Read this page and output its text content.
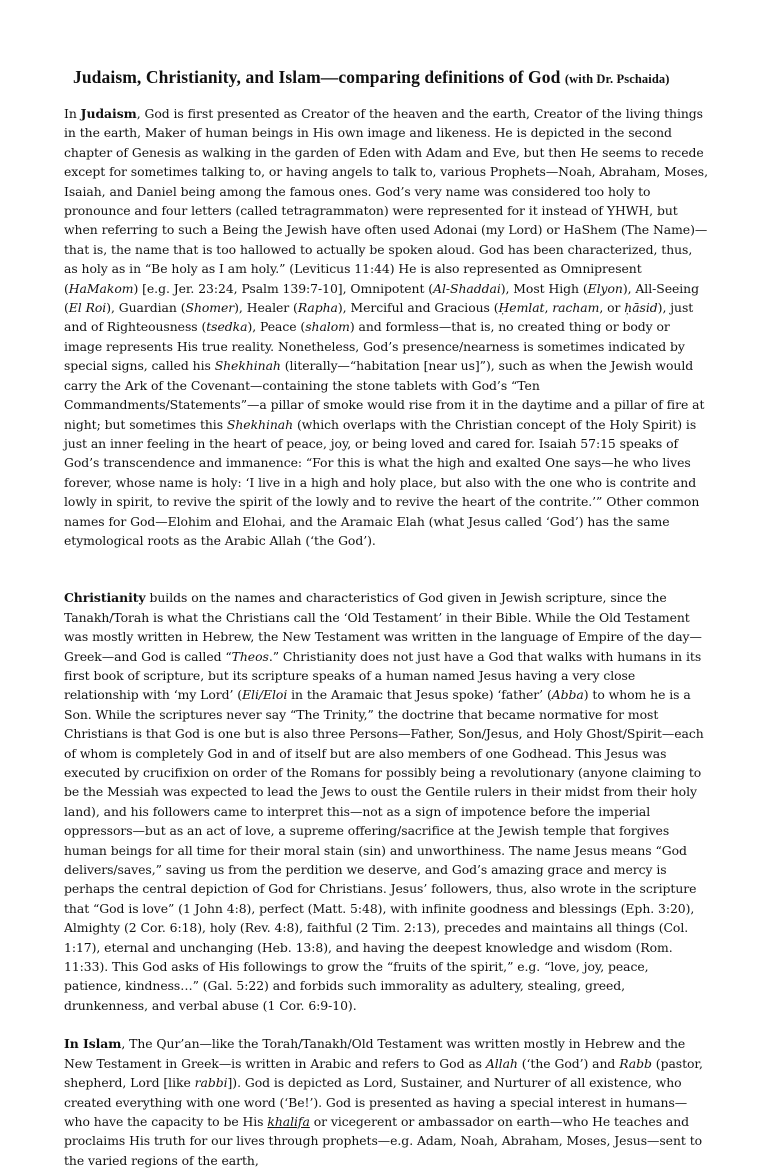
Judaism, Christianity, and Islam—comparing definitions of God (with Dr. Pschaida)

In Judaism, God is first presented as Creator of the heaven and the earth, Creator of the living things in the earth, Maker of human beings in His own image and likeness. He is depicted in the second chapter of Genesis as walking in the garden of Eden with Adam and Eve, but then He seems to recede except for sometimes talking to, or having angels to talk to, various Prophets—Noah, Abraham, Moses, Isaiah, and Daniel being among the famous ones. God’s very name was considered too holy to pronounce and four letters (called tetragrammaton) were represented for it instead of YHWH, but when referring to such a Being the Jewish have often used Adonai (my Lord) or HaShem (The Name)—that is, the name that is too hallowed to actually be spoken aloud. God has been characterized, thus, as holy as in “Be holy as I am holy.” (Leviticus 11:44) He is also represented as Omnipresent (HaMakom) [e.g. Jer. 23:24, Psalm 139:7-10], Omnipotent (Al-Shaddai), Most High (Elyon), All-Seeing (El Roi), Guardian (Shomer), Healer (Rapha), Merciful and Gracious (Ḥemlat, racham, or ḥāsid), just and of Righteousness (tsedka), Peace (shalom) and formless—that is, no created thing or body or image represents His true reality. Nonetheless, God’s presence/nearness is sometimes indicated by special signs, called his Shekhinah (literally—“habitation [near us]”), such as when the Jewish would carry the Ark of the Covenant—containing the stone tablets with God’s “Ten Commandments/Statements”—a pillar of smoke would rise from it in the daytime and a pillar of fire at night; but sometimes this Shekhinah (which overlaps with the Christian concept of the Holy Spirit) is just an inner feeling in the heart of peace, joy, or being loved and cared for. Isaiah 57:15 speaks of God’s transcendence and immanence: “For this is what the high and exalted One says—he who lives forever, whose name is holy: ‘I live in a high and holy place, but also with the one who is contrite and lowly in spirit, to revive the spirit of the lowly and to revive the heart of the contrite.’” Other common names for God—Elohim and Elohai, and the Aramaic Elah (what Jesus called ‘God’) has the same etymological roots as the Arabic Allah (‘the God’).

Christianity builds on the names and characteristics of God given in Jewish scripture, since the Tanakh/Torah is what the Christians call the ‘Old Testament’ in their Bible. While the Old Testament was mostly written in Hebrew, the New Testament was written in the language of Empire of the day—Greek—and God is called “Theos.” Christianity does not just have a God that walks with humans in its first book of scripture, but its scripture speaks of a human named Jesus having a very close relationship with ‘my Lord’ (Eli/Eloi in the Aramaic that Jesus spoke) ‘father’ (Abba) to whom he is a Son. While the scriptures never say “The Trinity,” the doctrine that became normative for most Christians is that God is one but is also three Persons—Father, Son/Jesus, and Holy Ghost/Spirit—each of whom is completely God in and of itself but are also members of one Godhead. This Jesus was executed by crucifixion on order of the Romans for possibly being a revolutionary (anyone claiming to be the Messiah was expected to lead the Jews to oust the Gentile rulers in their midst from their holy land), and his followers came to interpret this—not as a sign of impotence before the imperial oppressors—but as an act of love, a supreme offering/sacrifice at the Jewish temple that forgives human beings for all time for their moral stain (sin) and unworthiness. The name Jesus means “God delivers/saves,” saving us from the perdition we deserve, and God’s amazing grace and mercy is perhaps the central depiction of God for Christians. Jesus’ followers, thus, also wrote in the scripture that “God is love” (1 John 4:8), perfect (Matt. 5:48), with infinite goodness and blessings (Eph. 3:20), Almighty (2 Cor. 6:18), holy (Rev. 4:8), faithful (2 Tim. 2:13), precedes and maintains all things (Col. 1:17), eternal and unchanging (Heb. 13:8), and having the deepest knowledge and wisdom (Rom. 11:33). This God asks of His followings to grow the “fruits of the spirit,” e.g. “love, joy, peace, patience, kindness…” (Gal. 5:22) and forbids such immorality as adultery, stealing, greed, drunkenness, and verbal abuse (1 Cor. 6:9-10).

In Islam, The Qur’an—like the Torah/Tanakh/Old Testament was written mostly in Hebrew and the New Testament in Greek—is written in Arabic and refers to God as Allah (‘the God’) and Rabb (pastor, shepherd, Lord [like rabbi]). God is depicted as Lord, Sustainer, and Nurturer of all existence, who created everything with one word (‘Be!’). God is presented as having a special interest in humans—who have the capacity to be His khalifa or vicegerent or ambassador on earth—who He teaches and proclaims His truth for our lives through prophets—e.g. Adam, Noah, Abraham, Moses, Jesus—sent to the varied regions of the earth,
